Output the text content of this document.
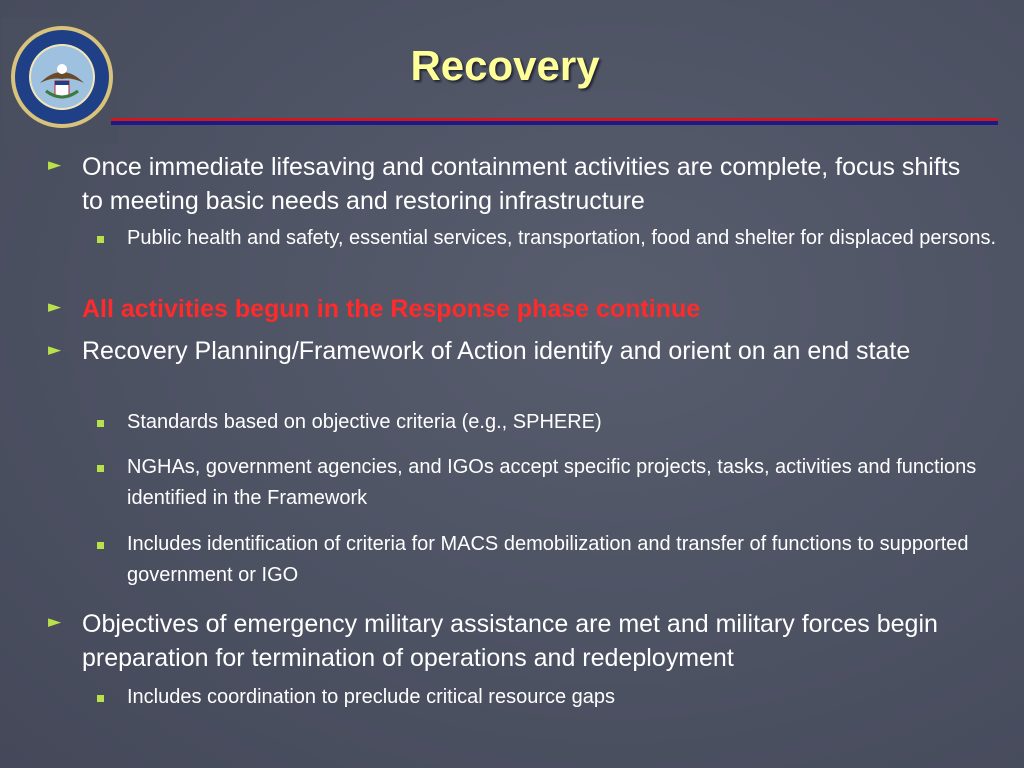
Recovery
► Once immediate lifesaving and containment activities are complete, focus shifts to meeting basic needs and restoring infrastructure
Public health and safety, essential services, transportation, food and shelter for displaced persons.
► All activities begun in the Response phase continue
► Recovery Planning/Framework of Action identify and orient on an end state
Standards based on objective criteria (e.g., SPHERE)
NGHAs, government agencies, and IGOs accept specific projects, tasks, activities and functions identified in the Framework
Includes identification of criteria for MACS demobilization and transfer of functions to supported government or IGO
► Objectives of emergency military assistance are met and military forces begin preparation for termination of operations and redeployment
Includes coordination to preclude critical resource gaps
